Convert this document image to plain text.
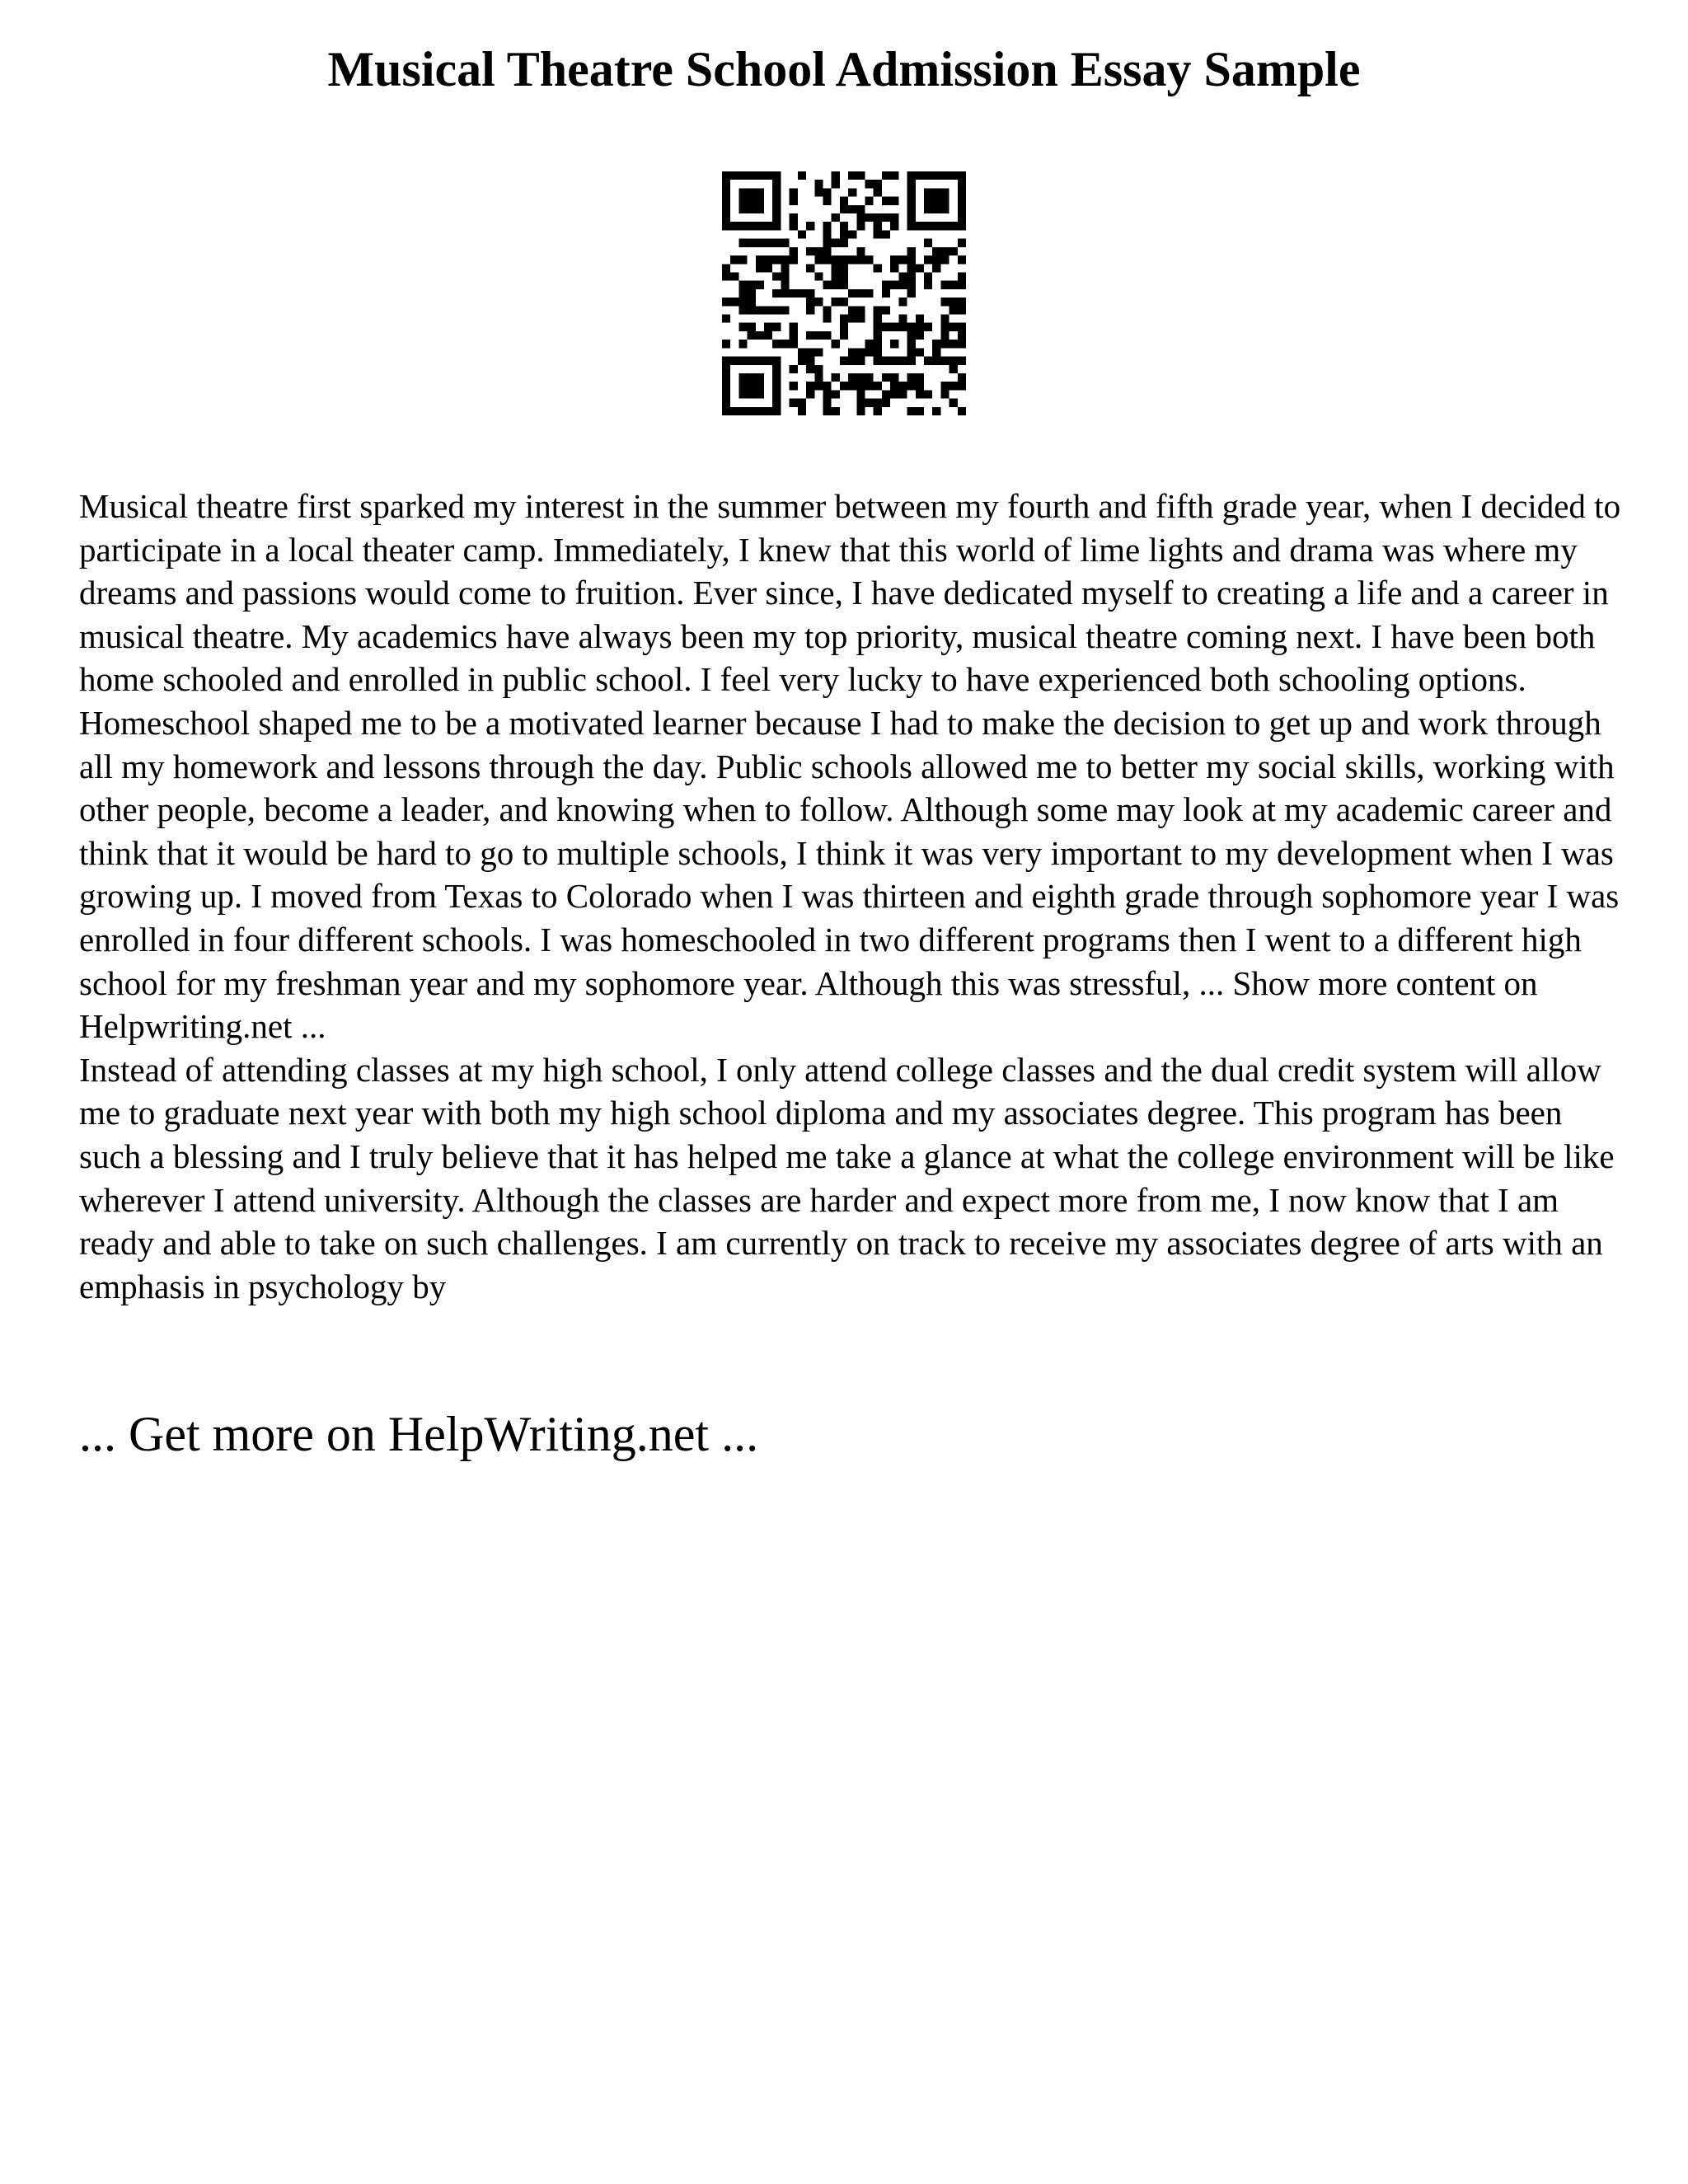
Musical Theatre School Admission Essay Sample

Musical theatre first sparked my interest in the summer between my fourth and fifth grade year, when I decided to participate in a local theater camp. Immediately, I knew that this world of lime lights and drama was where my dreams and passions would come to fruition. Ever since, I have dedicated myself to creating a life and a career in musical theatre. My academics have always been my top priority, musical theatre coming next. I have been both home schooled and enrolled in public school. I feel very lucky to have experienced both schooling options. Homeschool shaped me to be a motivated learner because I had to make the decision to get up and work through all my homework and lessons through the day. Public schools allowed me to better my social skills, working with other people, become a leader, and knowing when to follow. Although some may look at my academic career and think that it would be hard to go to multiple schools, I think it was very important to my development when I was growing up. I moved from Texas to Colorado when I was thirteen and eighth grade through sophomore year I was enrolled in four different schools. I was homeschooled in two different programs then I went to a different high school for my freshman year and my sophomore year. Although this was stressful, ... Show more content on Helpwriting.net ...

Instead of attending classes at my high school, I only attend college classes and the dual credit system will allow me to graduate next year with both my high school diploma and my associates degree. This program has been such a blessing and I truly believe that it has helped me take a glance at what the college environment will be like wherever I attend university. Although the classes are harder and expect more from me, I now know that I am ready and able to take on such challenges. I am currently on track to receive my associates degree of arts with an emphasis in psychology by

... Get more on HelpWriting.net ...
